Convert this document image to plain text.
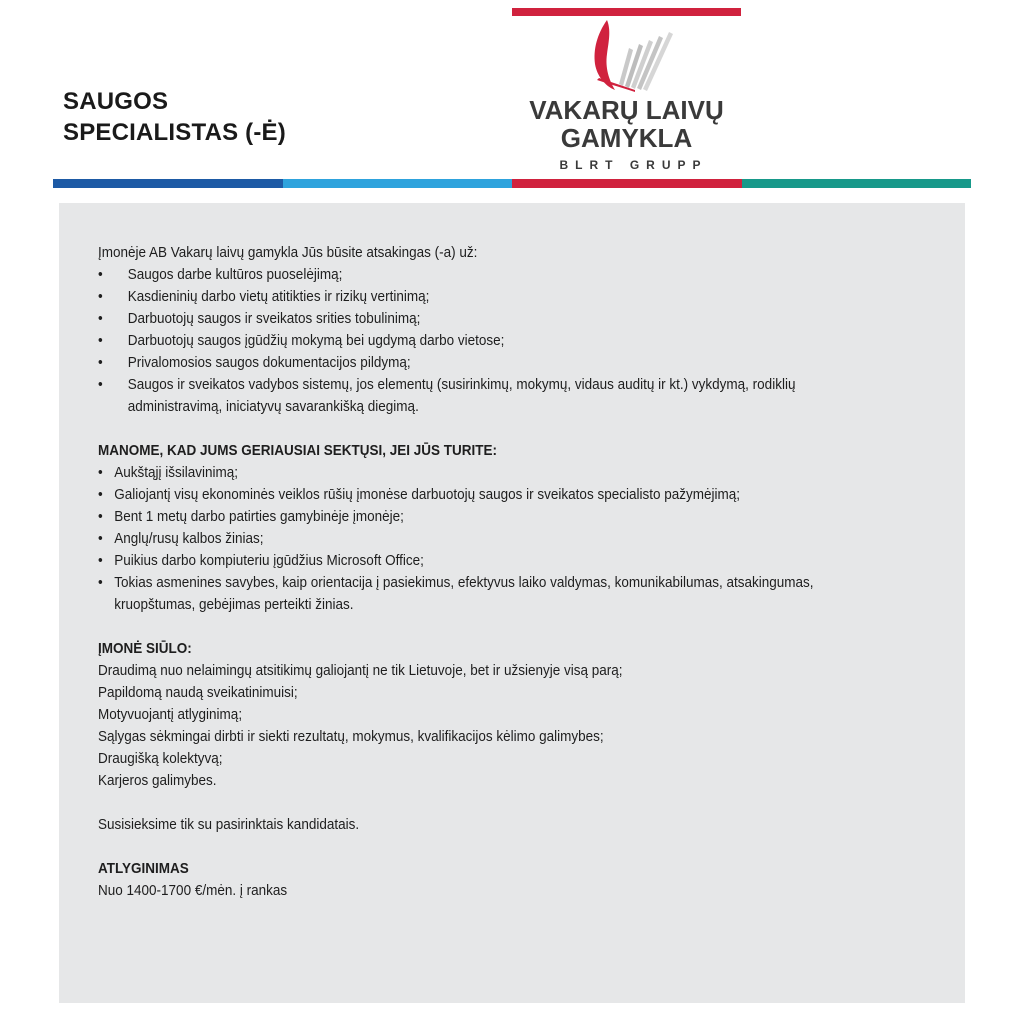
SAUGOS
SPECIALISTAS (-Ė)

VAKARŲ LAIVŲ

GAMYKLA

BLRT GRUPP

Įmonėje AB Vakarų laivų gamykla Jūs būsite atsakingas (-a) už:

• Saugos darbe kultūros puoselėjimą;
• Kasdieninių darbo vietų atitikties ir rizikų vertinimą;
• Darbuotojų saugos ir sveikatos srities tobulinimą;
• Darbuotojų saugos įgūdžių mokymą bei ugdymą darbo vietose;
• Privalomosios saugos dokumentacijos pildymą;
• Saugos ir sveikatos vadybos sistemų, jos elementų (susirinkimų, mokymų, vidaus auditų ir kt.) vykdymą, rodiklių administravimą, iniciatyvų savarankišką diegimą.

MANOME, KAD JUMS GERIAUSIAI SEKTŲSI, JEI JŪS TURITE:

• Aukštąjį išsilavinimą;
• Galiojantį visų ekonominės veiklos rūšių įmonėse darbuotojų saugos ir sveikatos specialisto pažymėjimą;
• Bent 1 metų darbo patirties gamybinėje įmonėje;
• Anglų/rusų kalbos žinias;
• Puikius darbo kompiuteriu įgūdžius Microsoft Office;
• Tokias asmenines savybes, kaip orientacija į pasiekimus, efektyvus laiko valdymas, komunikabilumas, atsakingumas, kruopštumas, gebėjimas perteikti žinias.

ĮMONĖ SIŪLO:

Draudimą nuo nelaimingų atsitikimų galiojantį ne tik Lietuvoje, bet ir užsienyje visą parą;

Papildomą naudą sveikatinimuisi;

Motyvuojantį atlyginimą;

Sąlygas sėkmingai dirbti ir siekti rezultatų, mokymus, kvalifikacijos kėlimo galimybes;

Draugišką kolektyvą;

Karjeros galimybes.

Susisieksime tik su pasirinktais kandidatais.

ATLYGINIMAS

Nuo 1400-1700 €/mėn. į rankas
